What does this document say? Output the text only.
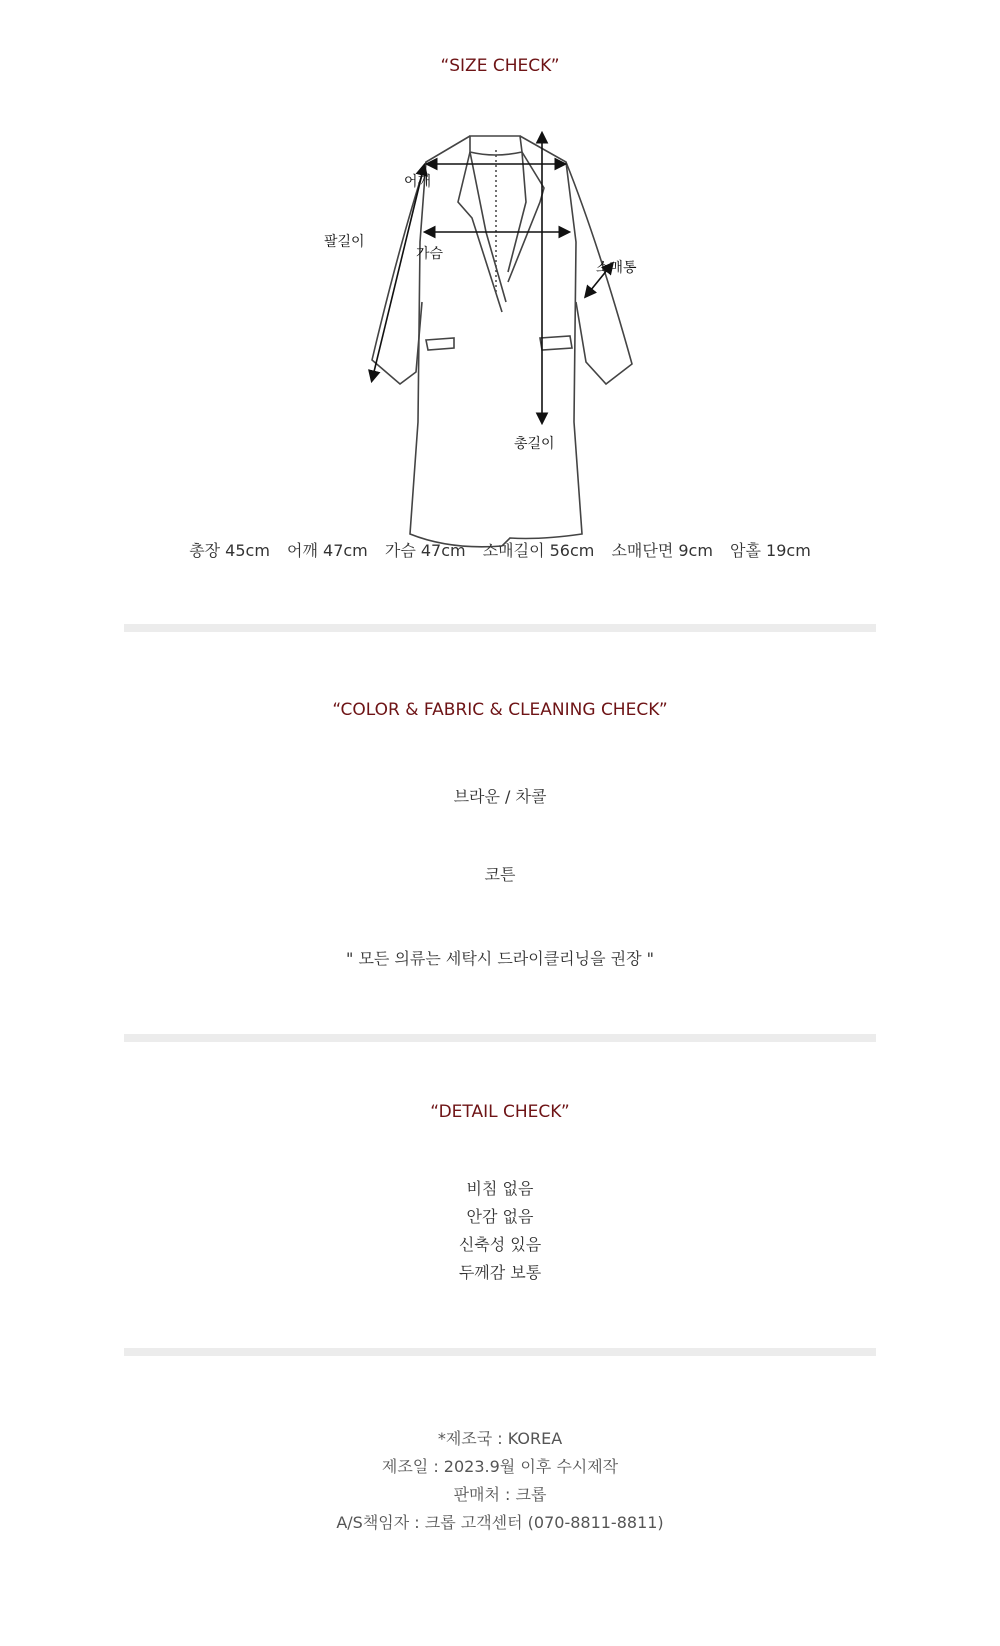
“SIZE CHECK”
어깨
팔길이
가슴
소매통
총길이
총장 45cm 어깨 47cm 가슴 47cm 소매길이 56cm 소매단면 9cm 암홀 19cm
“COLOR & FABRIC & CLEANING CHECK”
브라운 / 차콜
코튼
" 모든 의류는 세탁시 드라이클리닝을 권장 "
“DETAIL CHECK”
비침 없음
안감 없음
신축성 있음
두께감 보통
*제조국 : KOREA
제조일 : 2023.9월 이후 수시제작
판매처 : 크롭
A/S책임자 : 크롭 고객센터 (070-8811-8811)
